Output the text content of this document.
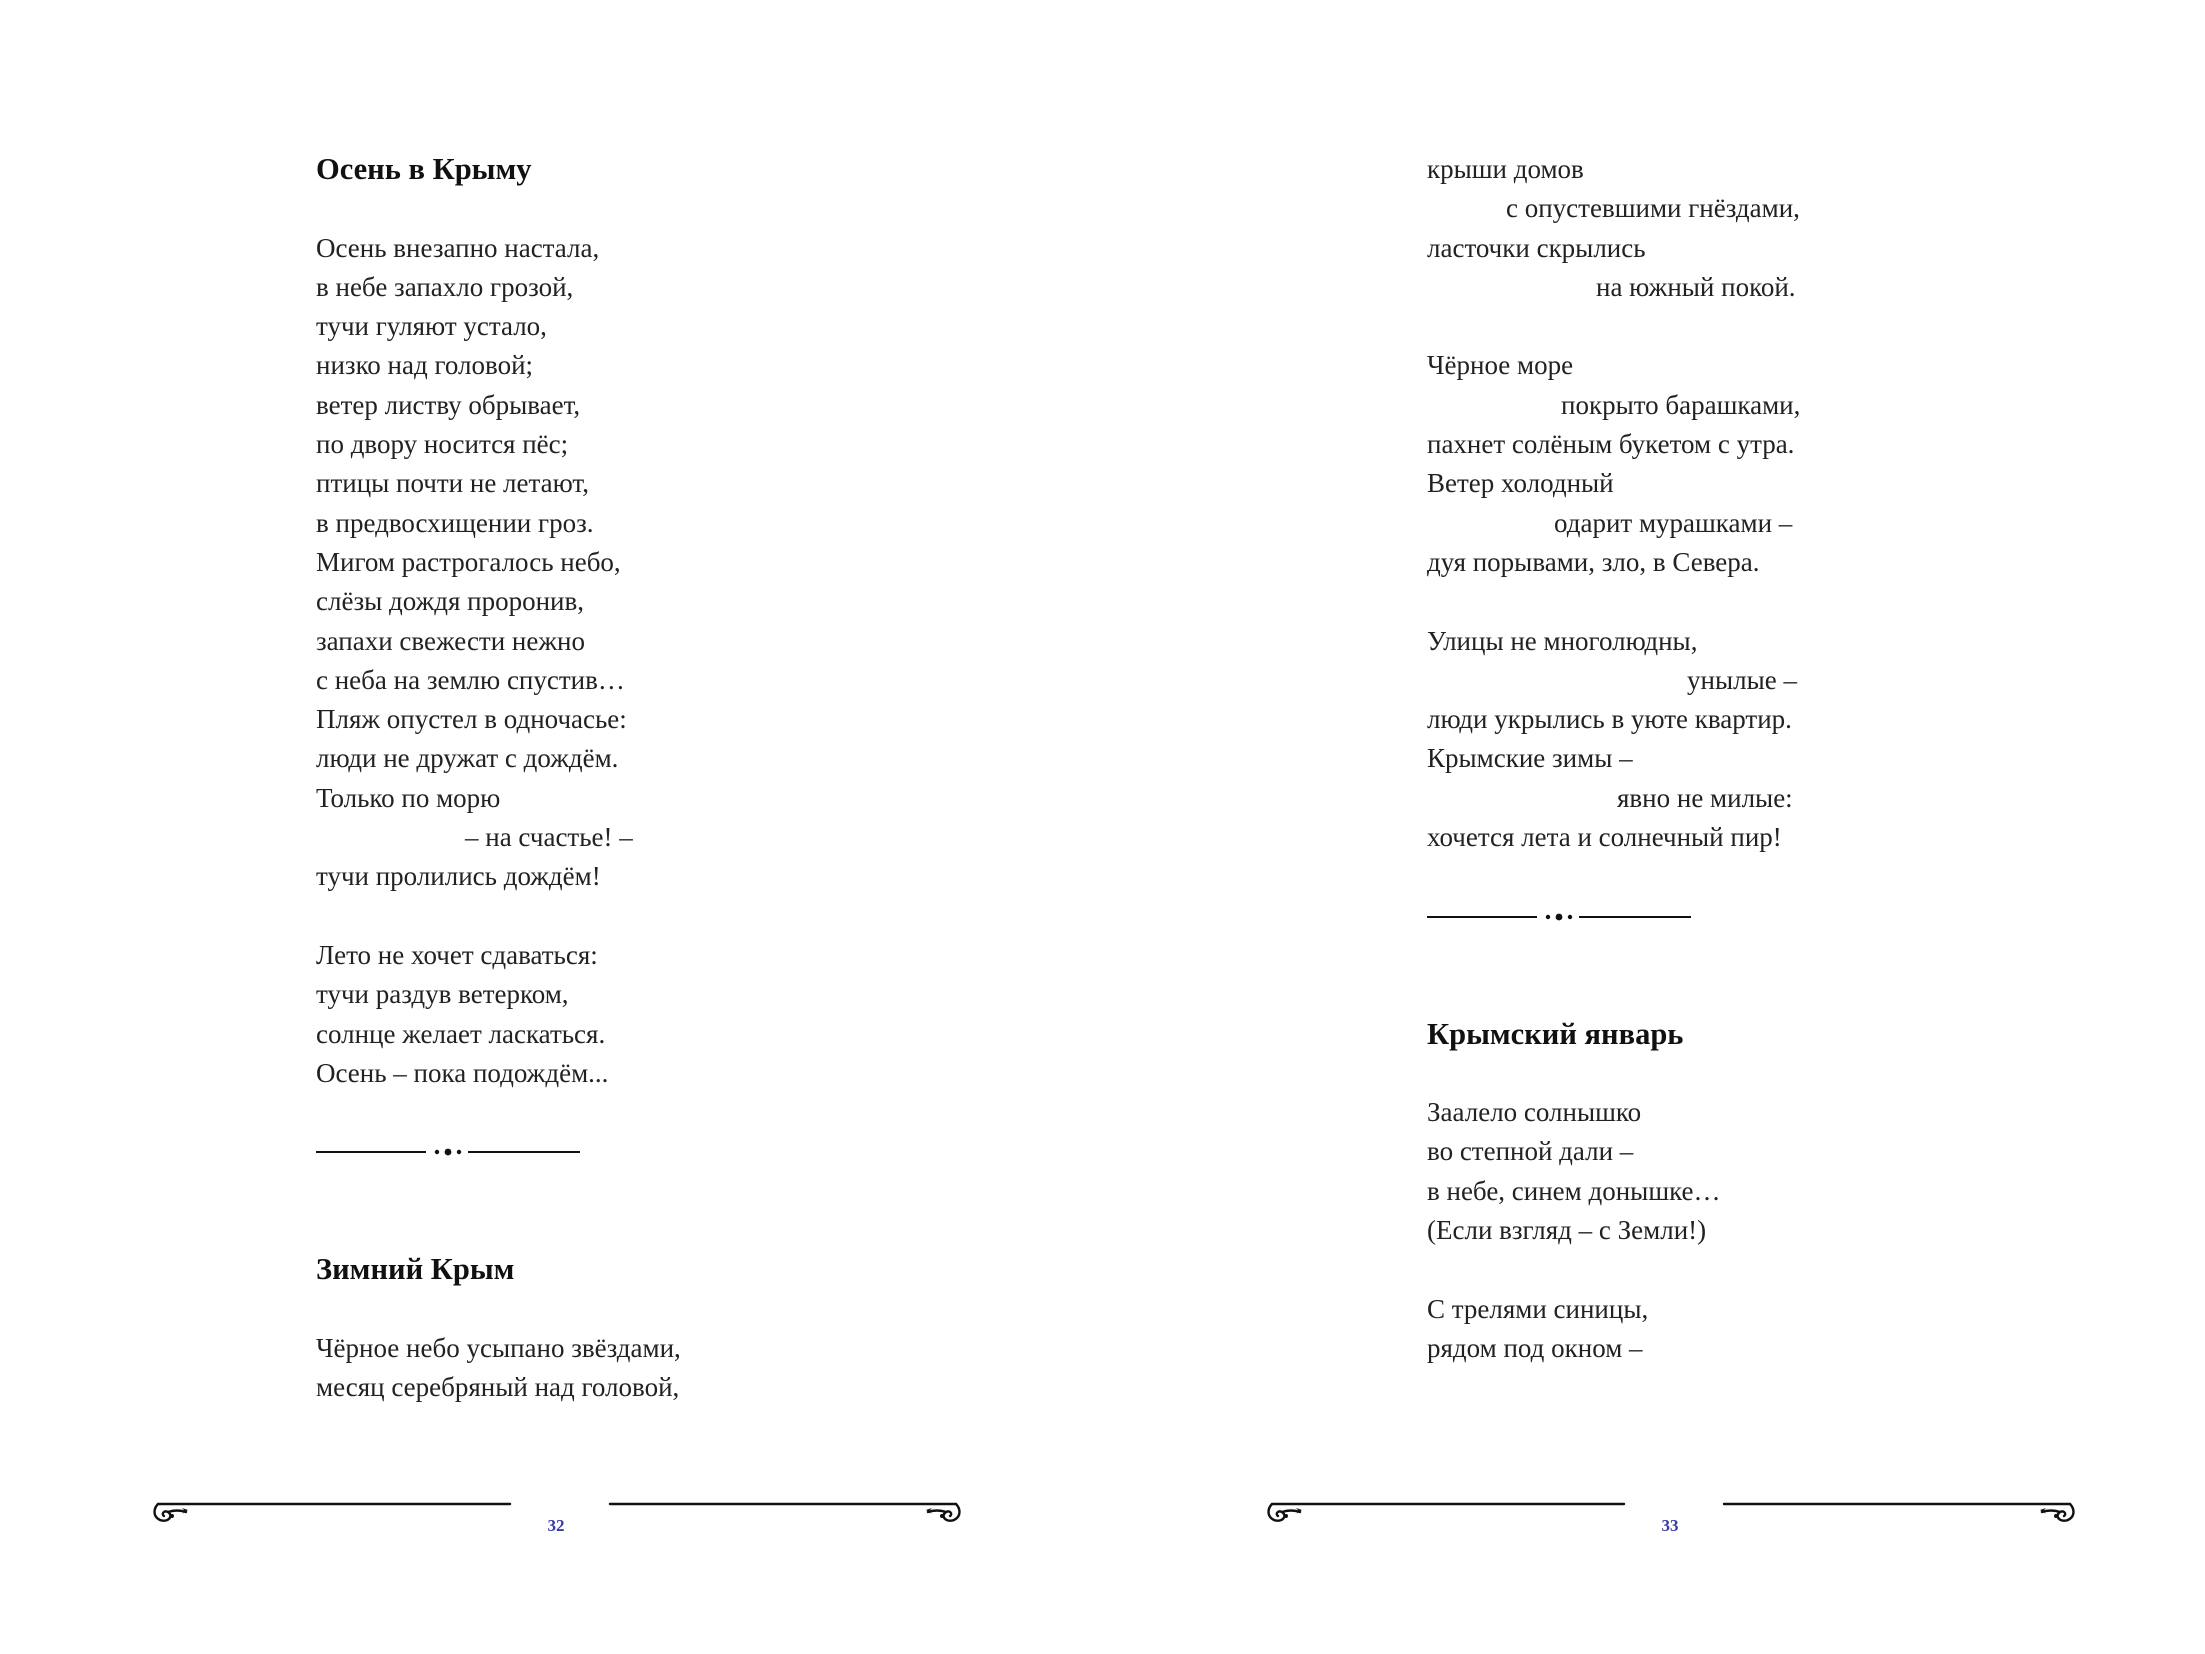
Осень в Крыму
Осень внезапно настала,
в небе запахло грозой,
тучи гуляют устало,
низко над головой;
ветер листву обрывает,
по двору носится пёс;
птицы почти не летают,
в предвосхищении гроз.
Мигом растрогалось небо,
слёзы дождя проронив,
запахи свежести нежно
с неба на землю спустив…
Пляж опустел в одночасье:
люди не дружат с дождём.
Только по морю
– на счастье! –
тучи пролились дождём!
Лето не хочет сдаваться:
тучи раздув ветерком,
солнце желает ласкаться.
Осень – пока подождём...
Зимний Крым
Чёрное небо усыпано звёздами,
месяц серебряный над головой,
32
крыши домов
с опустевшими гнёздами,
ласточки скрылись
на южный покой.
Чёрное море
покрыто барашками,
пахнет солёным букетом с утра.
Ветер холодный
одарит мурашками –
дуя порывами, зло, в Севера.
Улицы не многолюдны,
унылые –
люди укрылись в уюте квартир.
Крымские зимы –
явно не милые:
хочется лета и солнечный пир!
Крымский январь
Заалело солнышко
во степной дали –
в небе, синем донышке…
(Если взгляд – с Земли!)
С трелями синицы,
рядом под окном –
33
